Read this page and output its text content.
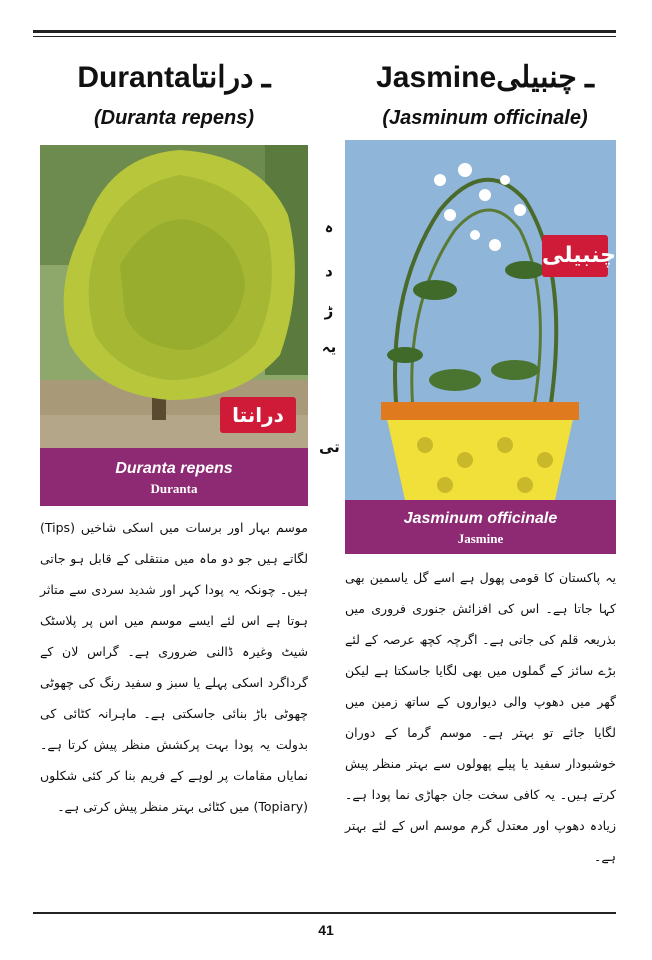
Durantaـ درانتا
(Duranta repens)
Jasmineـ چنبیلی
(Jasminum officinale)
درانتا
Duranta repens
Duranta
ہ
د
ڑ
یہ
تی
چنبیلی
Jasminum officinale
Jasmine
موسم بہار اور برسات میں اسکی شاخیں (Tips) لگاتے ہیں جو دو ماہ میں منتقلی کے قابل ہو جاتی ہیں۔ چونکہ یہ پودا کہر اور شدید سردی سے متاثر ہوتا ہے اس لئے ایسے موسم میں اس پر پلاسٹک شیٹ وغیرہ ڈالنی ضروری ہے۔ گراس لان کے گرداگرد اسکی پہلے یا سبز و سفید رنگ کی چھوٹی چھوٹی باڑ بنائی جاسکتی ہے۔ ماہرانہ کٹائی کی بدولت یہ پودا بہت پرکشش منظر پیش کرتا ہے۔ نمایاں مقامات پر لوہے کے فریم بنا کر کئی شکلوں (Topiary) میں کٹائی بہتر منظر پیش کرتی ہے۔
یہ پاکستان کا قومی پھول ہے اسے گل یاسمین بھی کہا جاتا ہے۔ اس کی افزائش جنوری فروری میں بذریعہ قلم کی جاتی ہے۔ اگرچہ کچھ عرصہ کے لئے بڑے سائز کے گملوں میں بھی لگایا جاسکتا ہے لیکن گھر میں دھوپ والی دیواروں کے ساتھ زمین میں لگایا جائے تو بہتر ہے۔ موسم گرما کے دوران خوشبودار سفید یا پیلے پھولوں سے بہتر منظر پیش کرتے ہیں۔ یہ کافی سخت جان جھاڑی نما پودا ہے۔ زیادہ دھوپ اور معتدل گرم موسم اس کے لئے بہتر ہے۔
41
